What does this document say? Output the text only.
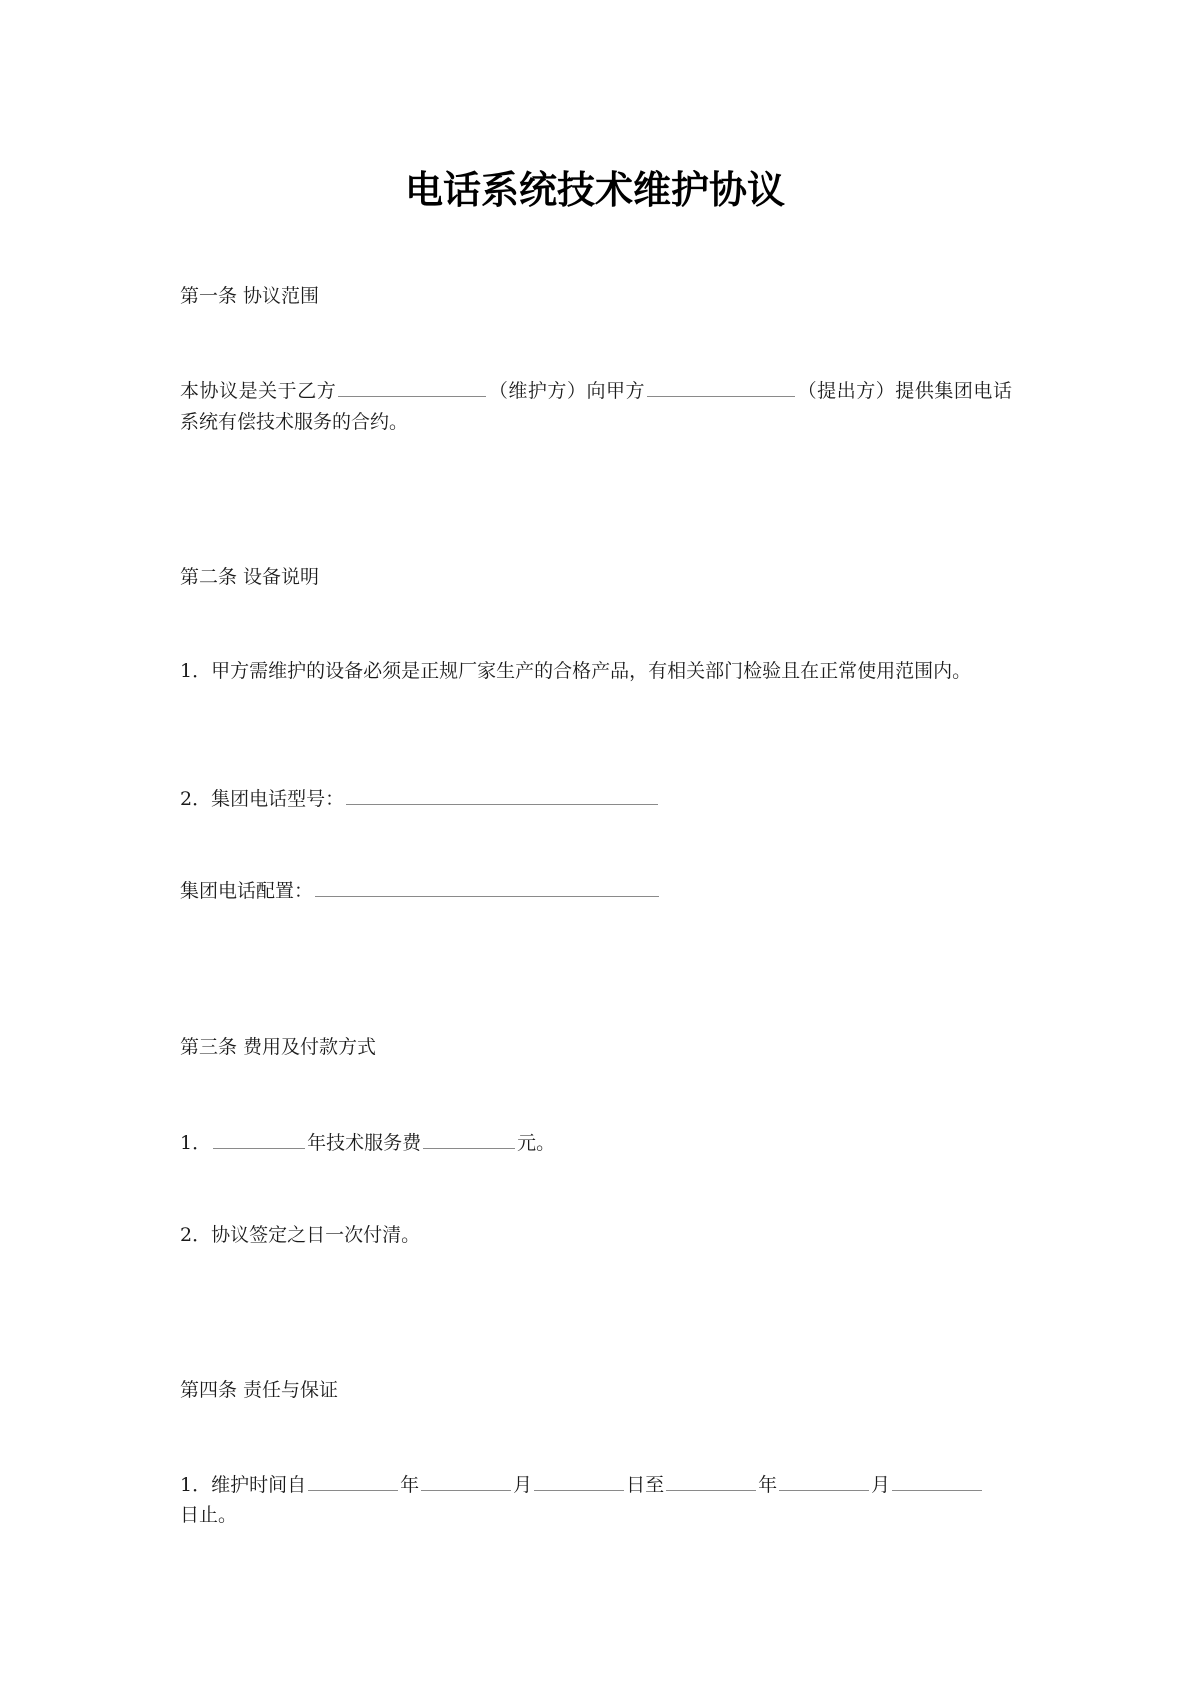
电话系统技术维护协议
第一条 协议范围
本协议是关于乙方	（维护方）向甲方	（提出方）提供集团电话系统有偿技术服务的合约。
第二条 设备说明
1．甲方需维护的设备必须是正规厂家生产的合格产品，有相关部门检验且在正常使用范围内。
2．集团电话型号：
集团电话配置：
第三条 费用及付款方式
1．	年技术服务费	元。
2．协议签定之日一次付清。
第四条 责任与保证
1．维护时间自	年	月	日至	年	月
日止。
